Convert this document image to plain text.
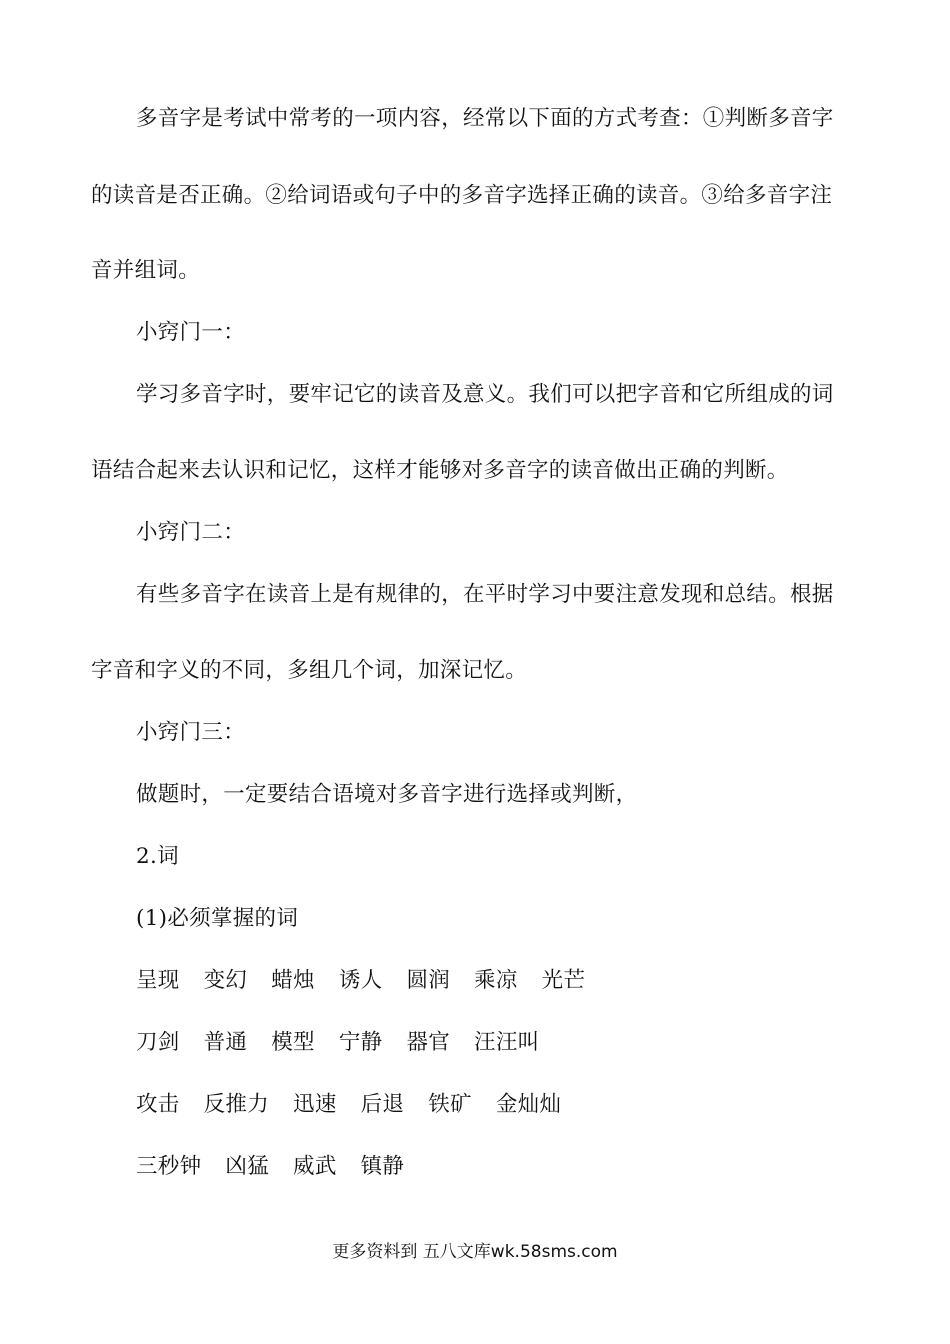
多音字是考试中常考的一项内容，经常以下面的方式考查：①判断多音字
的读音是否正确。②给词语或句子中的多音字选择正确的读音。③给多音字注
音并组词。
小窍门一：
学习多音字时，要牢记它的读音及意义。我们可以把字音和它所组成的词
语结合起来去认识和记忆，这样才能够对多音字的读音做出正确的判断。
小窍门二：
有些多音字在读音上是有规律的，在平时学习中要注意发现和总结。根据
字音和字义的不同，多组几个词，加深记忆。
小窍门三：
做题时，一定要结合语境对多音字进行选择或判断，
2.词
(1)必须掌握的词
呈现 变幻 蜡烛 诱人 圆润 乘凉 光芒
刀剑 普通 模型 宁静 器官 汪汪叫
攻击 反推力 迅速 后退 铁矿 金灿灿
三秒钟 凶猛 威武 镇静
更多资料到 五八文库wk.58sms.com
